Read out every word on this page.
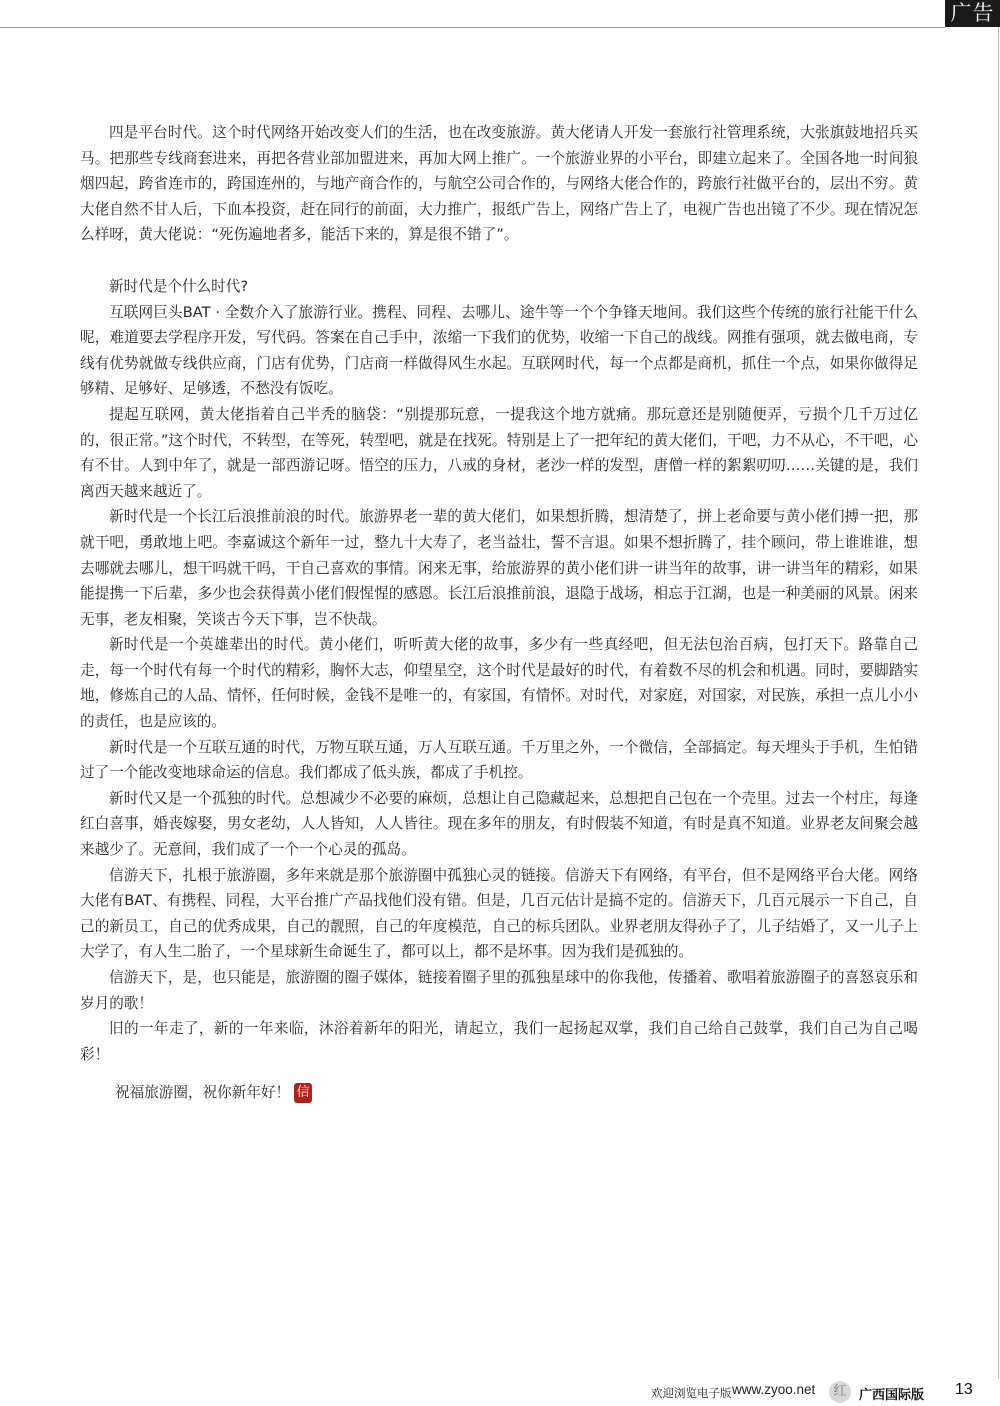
广告

四是平台时代。这个时代网络开始改变人们的生活，也在改变旅游。黄大佬请人开发一套旅行社管理系统，大张旗鼓地招兵买马。把那些专线商套进来，再把各营业部加盟进来，再加大网上推广。一个旅游业界的小平台，即建立起来了。全国各地一时间狼烟四起，跨省连市的，跨国连州的，与地产商合作的，与航空公司合作的，与网络大佬合作的，跨旅行社做平台的，层出不穷。黄大佬自然不甘人后，下血本投资，赶在同行的前面，大力推广，报纸广告上，网络广告上了，电视广告也出镜了不少。现在情况怎么样呀，黄大佬说：“死伤遍地者多，能活下来的，算是很不错了”。

新时代是个什么时代?

互联网巨头BAT · 全数介入了旅游行业。携程、同程、去哪儿、途牛等一个个争锋天地间。我们这些个传统的旅行社能干什么呢，难道要去学程序开发，写代码。答案在自己手中，浓缩一下我们的优势，收缩一下自己的战线。网推有强项，就去做电商，专线有优势就做专线供应商，门店有优势，门店商一样做得风生水起。互联网时代，每一个点都是商机，抓住一个点，如果你做得足够精、足够好、足够透，不愁没有饭吃。

提起互联网，黄大佬指着自己半秃的脑袋：“别提那玩意，一提我这个地方就痛。那玩意还是别随便弄，亏损个几千万过亿的，很正常。”这个时代，不转型，在等死，转型吧，就是在找死。特别是上了一把年纪的黄大佬们，干吧，力不从心，不干吧，心有不甘。人到中年了，就是一部西游记呀。悟空的压力，八戒的身材，老沙一样的发型，唐僧一样的絮絮叨叨……关键的是，我们离西天越来越近了。

新时代是一个长江后浪推前浪的时代。旅游界老一辈的黄大佬们，如果想折腾，想清楚了，拼上老命要与黄小佬们搏一把，那就干吧，勇敢地上吧。李嘉诚这个新年一过，整九十大寿了，老当益壮，誓不言退。如果不想折腾了，挂个顾问，带上谁谁谁，想去哪就去哪儿，想干吗就干吗，干自己喜欢的事情。闲来无事，给旅游界的黄小佬们讲一讲当年的故事，讲一讲当年的精彩，如果能提携一下后辈，多少也会获得黄小佬们假惺惺的感恩。长江后浪推前浪，退隐于战场，相忘于江湖，也是一种美丽的风景。闲来无事，老友相聚，笑谈古今天下事，岂不快哉。

新时代是一个英雄辈出的时代。黄小佬们，听听黄大佬的故事，多少有一些真经吧，但无法包治百病，包打天下。路靠自己走，每一个时代有每一个时代的精彩，胸怀大志，仰望星空，这个时代是最好的时代，有着数不尽的机会和机遇。同时，要脚踏实地，修炼自己的人品、情怀，任何时候，金钱不是唯一的，有家国，有情怀。对时代，对家庭，对国家，对民族，承担一点儿小小的责任，也是应该的。

新时代是一个互联互通的时代，万物互联互通，万人互联互通。千万里之外，一个微信，全部搞定。每天埋头于手机，生怕错过了一个能改变地球命运的信息。我们都成了低头族，都成了手机控。

新时代又是一个孤独的时代。总想减少不必要的麻烦，总想让自己隐藏起来，总想把自己包在一个壳里。过去一个村庄，每逢红白喜事，婚丧嫁娶，男女老幼，人人皆知，人人皆往。现在多年的朋友，有时假装不知道，有时是真不知道。业界老友间聚会越来越少了。无意间，我们成了一个一个心灵的孤岛。

信游天下，扎根于旅游圈，多年来就是那个旅游圈中孤独心灵的链接。信游天下有网络，有平台，但不是网络平台大佬。网络大佬有BAT、有携程、同程，大平台推广产品找他们没有错。但是，几百元估计是搞不定的。信游天下，几百元展示一下自己，自己的新员工，自己的优秀成果，自己的靓照，自己的年度模范，自己的标兵团队。业界老朋友得孙子了，儿子结婚了，又一儿子上大学了，有人生二胎了，一个星球新生命诞生了，都可以上，都不是坏事。因为我们是孤独的。

信游天下，是，也只能是，旅游圈的圈子媒体，链接着圈子里的孤独星球中的你我他，传播着、歌唱着旅游圈子的喜怒哀乐和岁月的歌！

旧的一年走了，新的一年来临，沐浴着新年的阳光，请起立，我们一起扬起双掌，我们自己给自己鼓掌，我们自己为自己喝彩！

祝福旅游圈，祝你新年好！ 信
欢迎浏览电子版 www.zyoo.net	红 广西国际版 13
